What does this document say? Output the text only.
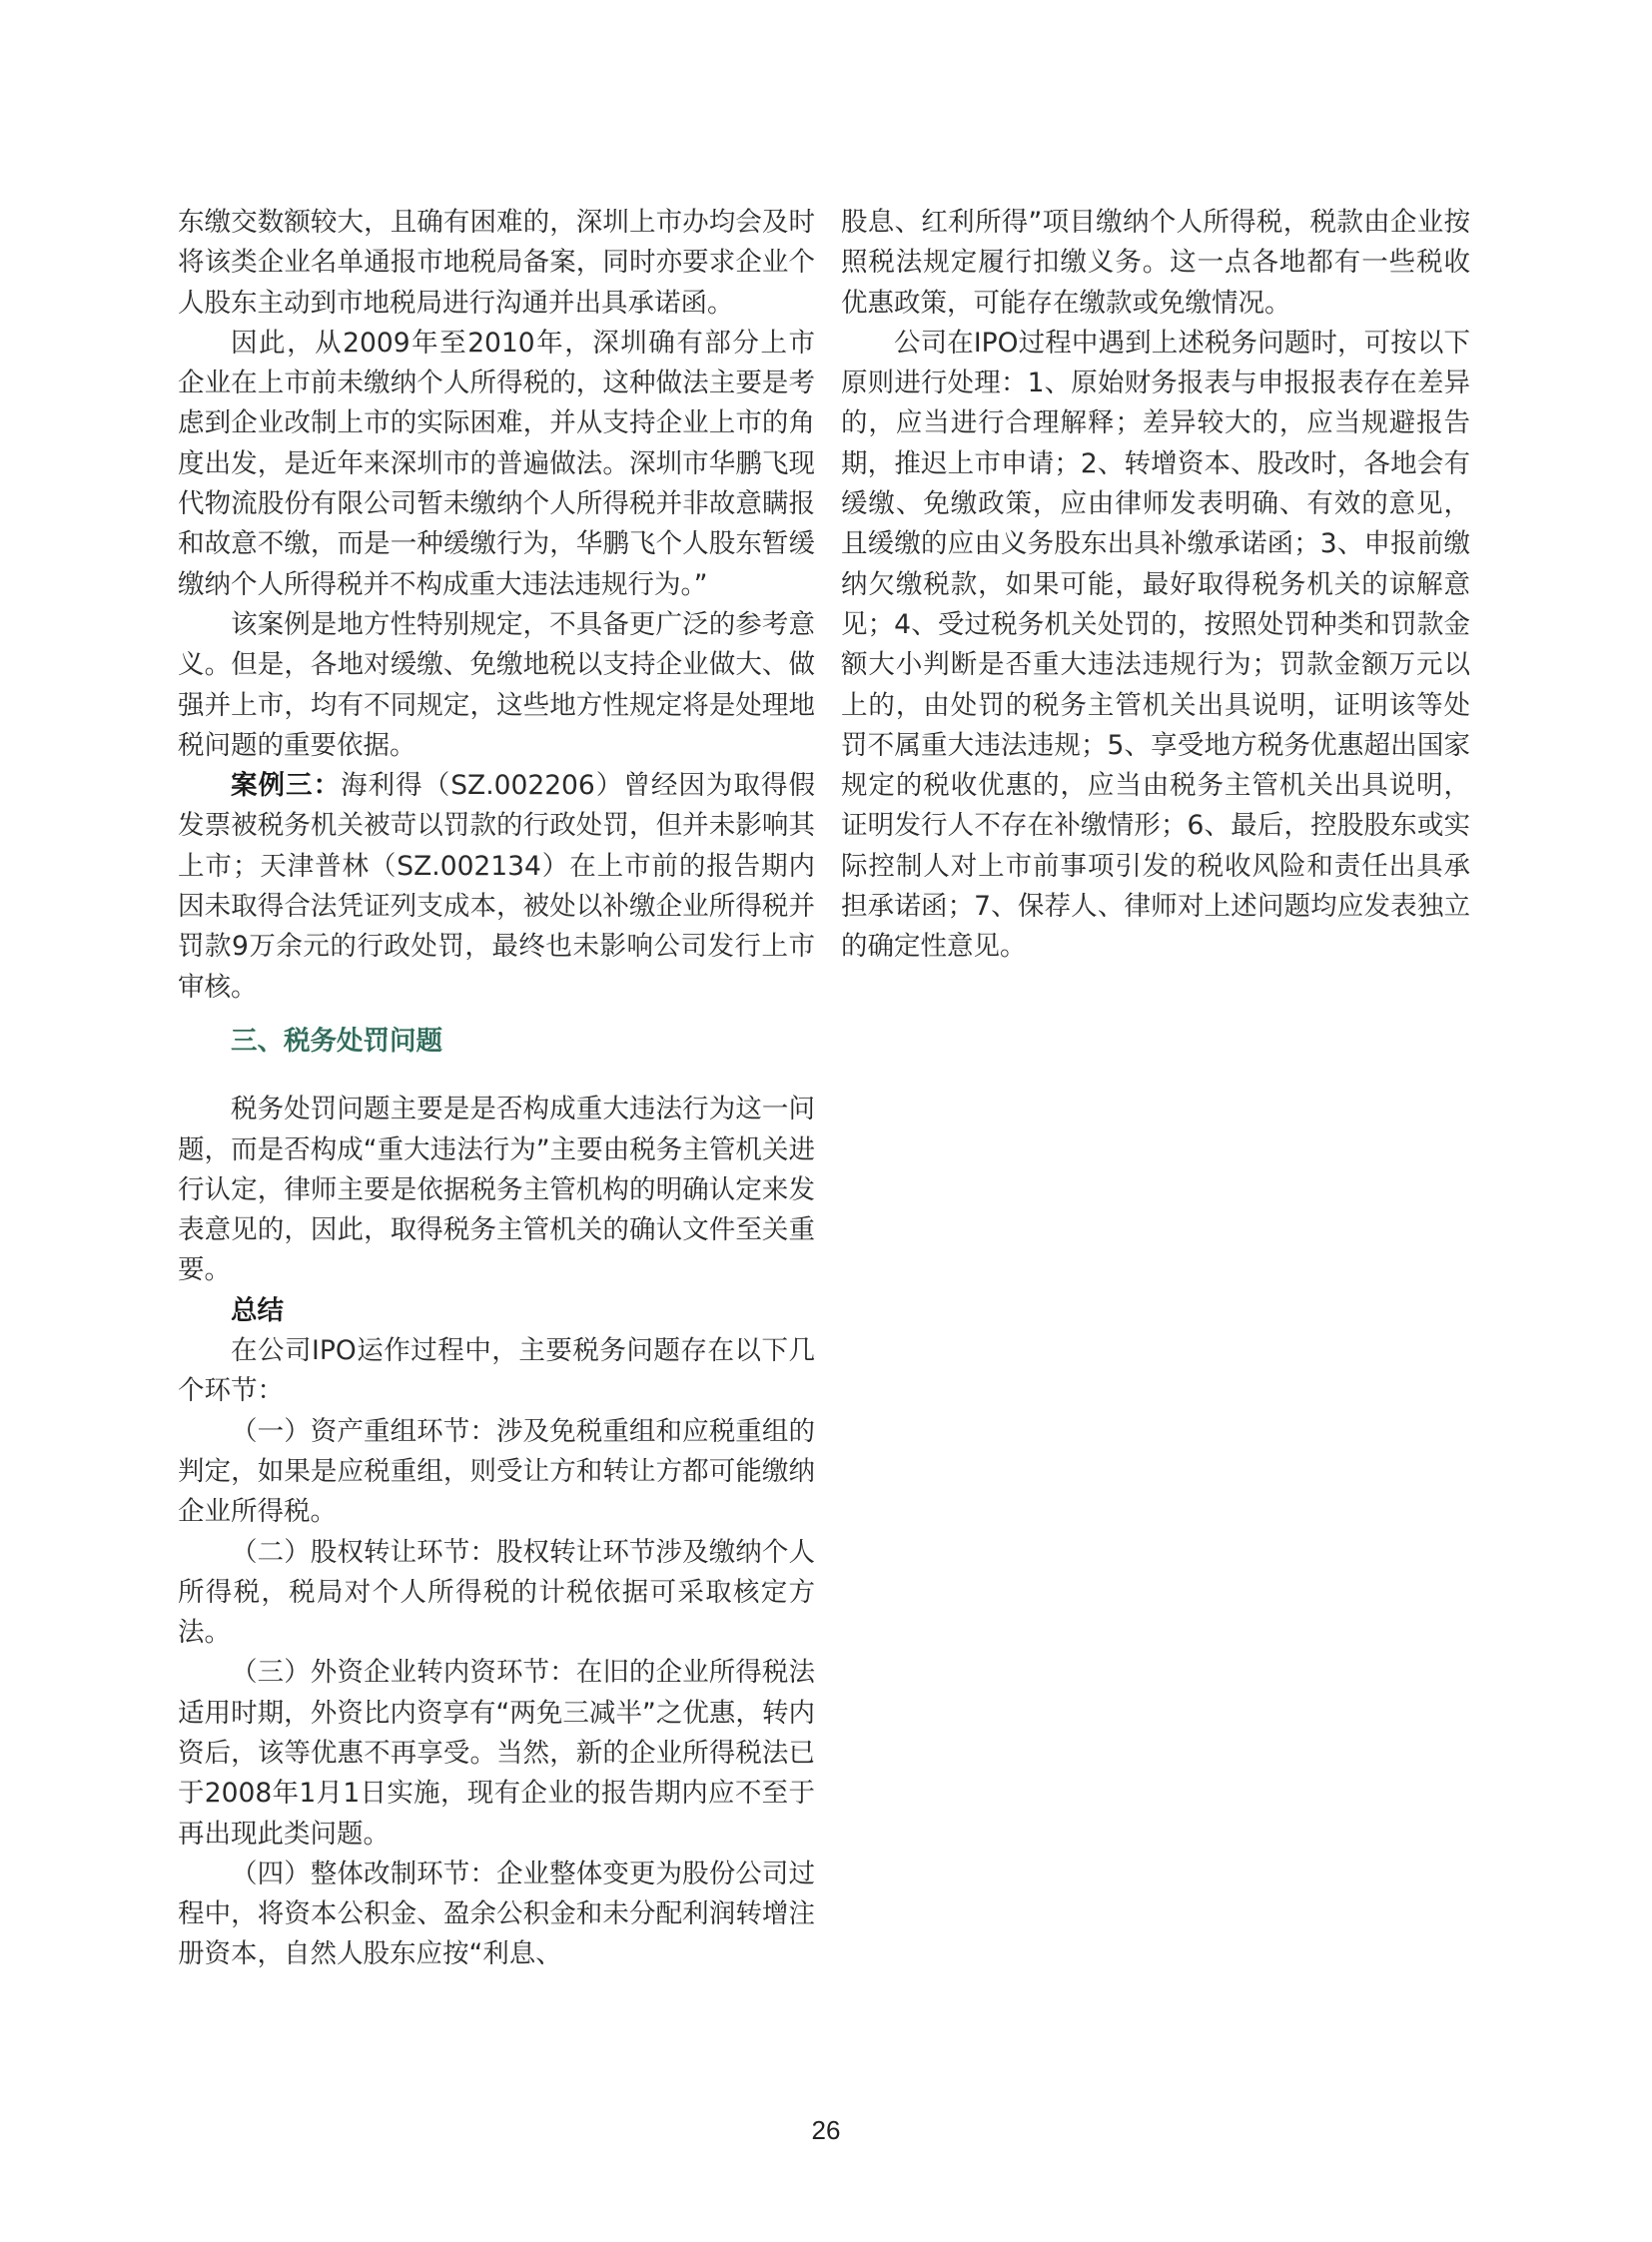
东缴交数额较大，且确有困难的，深圳上市办均会及时将该类企业名单通报市地税局备案，同时亦要求企业个人股东主动到市地税局进行沟通并出具承诺函。

因此，从2009年至2010年，深圳确有部分上市企业在上市前未缴纳个人所得税的，这种做法主要是考虑到企业改制上市的实际困难，并从支持企业上市的角度出发，是近年来深圳市的普遍做法。深圳市华鹏飞现代物流股份有限公司暂未缴纳个人所得税并非故意瞒报和故意不缴，而是一种缓缴行为，华鹏飞个人股东暂缓缴纳个人所得税并不构成重大违法违规行为。”

该案例是地方性特别规定，不具备更广泛的参考意义。但是，各地对缓缴、免缴地税以支持企业做大、做强并上市，均有不同规定，这些地方性规定将是处理地税问题的重要依据。

案例三：海利得（SZ.002206）曾经因为取得假发票被税务机关被苛以罚款的行政处罚，但并未影响其上市；天津普林（SZ.002134）在上市前的报告期内因未取得合法凭证列支成本，被处以补缴企业所得税并罚款9万余元的行政处罚，最终也未影响公司发行上市审核。

三、税务处罚问题

税务处罚问题主要是是否构成重大违法行为这一问题，而是否构成“重大违法行为”主要由税务主管机关进行认定，律师主要是依据税务主管机构的明确认定来发表意见的，因此，取得税务主管机关的确认文件至关重要。

总结

在公司IPO运作过程中，主要税务问题存在以下几个环节：

（一）资产重组环节：涉及免税重组和应税重组的判定，如果是应税重组，则受让方和转让方都可能缴纳企业所得税。

（二）股权转让环节：股权转让环节涉及缴纳个人所得税，税局对个人所得税的计税依据可采取核定方法。

（三）外资企业转内资环节：在旧的企业所得税法适用时期，外资比内资享有“两免三减半”之优惠，转内资后，该等优惠不再享受。当然，新的企业所得税法已于2008年1月1日实施，现有企业的报告期内应不至于再出现此类问题。

（四）整体改制环节：企业整体变更为股份公司过程中，将资本公积金、盈余公积金和未分配利润转增注册资本，自然人股东应按“利息、

股息、红利所得”项目缴纳个人所得税，税款由企业按照税法规定履行扣缴义务。这一点各地都有一些税收优惠政策，可能存在缴款或免缴情况。

公司在IPO过程中遇到上述税务问题时，可按以下原则进行处理：1、原始财务报表与申报报表存在差异的，应当进行合理解释；差异较大的，应当规避报告期，推迟上市申请；2、转增资本、股改时，各地会有缓缴、免缴政策，应由律师发表明确、有效的意见，且缓缴的应由义务股东出具补缴承诺函；3、申报前缴纳欠缴税款，如果可能，最好取得税务机关的谅解意见；4、受过税务机关处罚的，按照处罚种类和罚款金额大小判断是否重大违法违规行为；罚款金额万元以上的，由处罚的税务主管机关出具说明，证明该等处罚不属重大违法违规；5、享受地方税务优惠超出国家规定的税收优惠的，应当由税务主管机关出具说明，证明发行人不存在补缴情形；6、最后，控股股东或实际控制人对上市前事项引发的税收风险和责任出具承担承诺函；7、保荐人、律师对上述问题均应发表独立的确定性意见。

26
